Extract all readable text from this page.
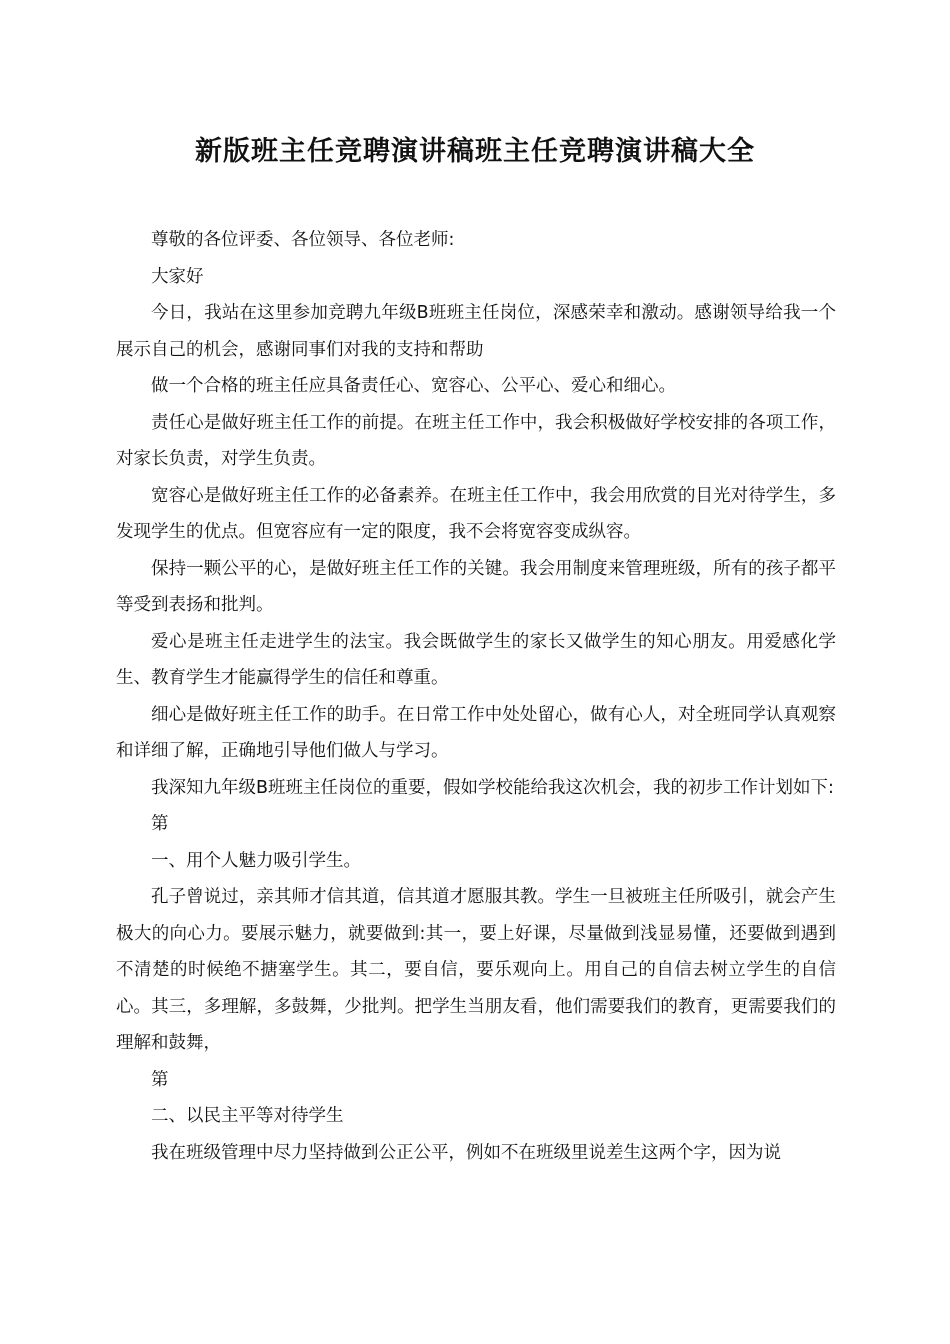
新版班主任竞聘演讲稿班主任竞聘演讲稿大全

尊敬的各位评委、各位领导、各位老师:

大家好

今日，我站在这里参加竞聘九年级B班班主任岗位，深感荣幸和激动。感谢领导给我一个展示自己的机会，感谢同事们对我的支持和帮助

做一个合格的班主任应具备责任心、宽容心、公平心、爱心和细心。

责任心是做好班主任工作的前提。在班主任工作中，我会积极做好学校安排的各项工作，对家长负责，对学生负责。

宽容心是做好班主任工作的必备素养。在班主任工作中，我会用欣赏的目光对待学生，多发现学生的优点。但宽容应有一定的限度，我不会将宽容变成纵容。

保持一颗公平的心，是做好班主任工作的关键。我会用制度来管理班级，所有的孩子都平等受到表扬和批判。

爱心是班主任走进学生的法宝。我会既做学生的家长又做学生的知心朋友。用爱感化学生、教育学生才能赢得学生的信任和尊重。

细心是做好班主任工作的助手。在日常工作中处处留心，做有心人，对全班同学认真观察和详细了解，正确地引导他们做人与学习。

我深知九年级B班班主任岗位的重要，假如学校能给我这次机会，我的初步工作计划如下:

第

一、用个人魅力吸引学生。

孔子曾说过，亲其师才信其道，信其道才愿服其教。学生一旦被班主任所吸引，就会产生极大的向心力。要展示魅力，就要做到:其一，要上好课，尽量做到浅显易懂，还要做到遇到不清楚的时候绝不搪塞学生。其二，要自信，要乐观向上。用自己的自信去树立学生的自信心。其三，多理解，多鼓舞，少批判。把学生当朋友看，他们需要我们的教育，更需要我们的理解和鼓舞，

第

二、以民主平等对待学生

我在班级管理中尽力坚持做到公正公平，例如不在班级里说差生这两个字，因为说
